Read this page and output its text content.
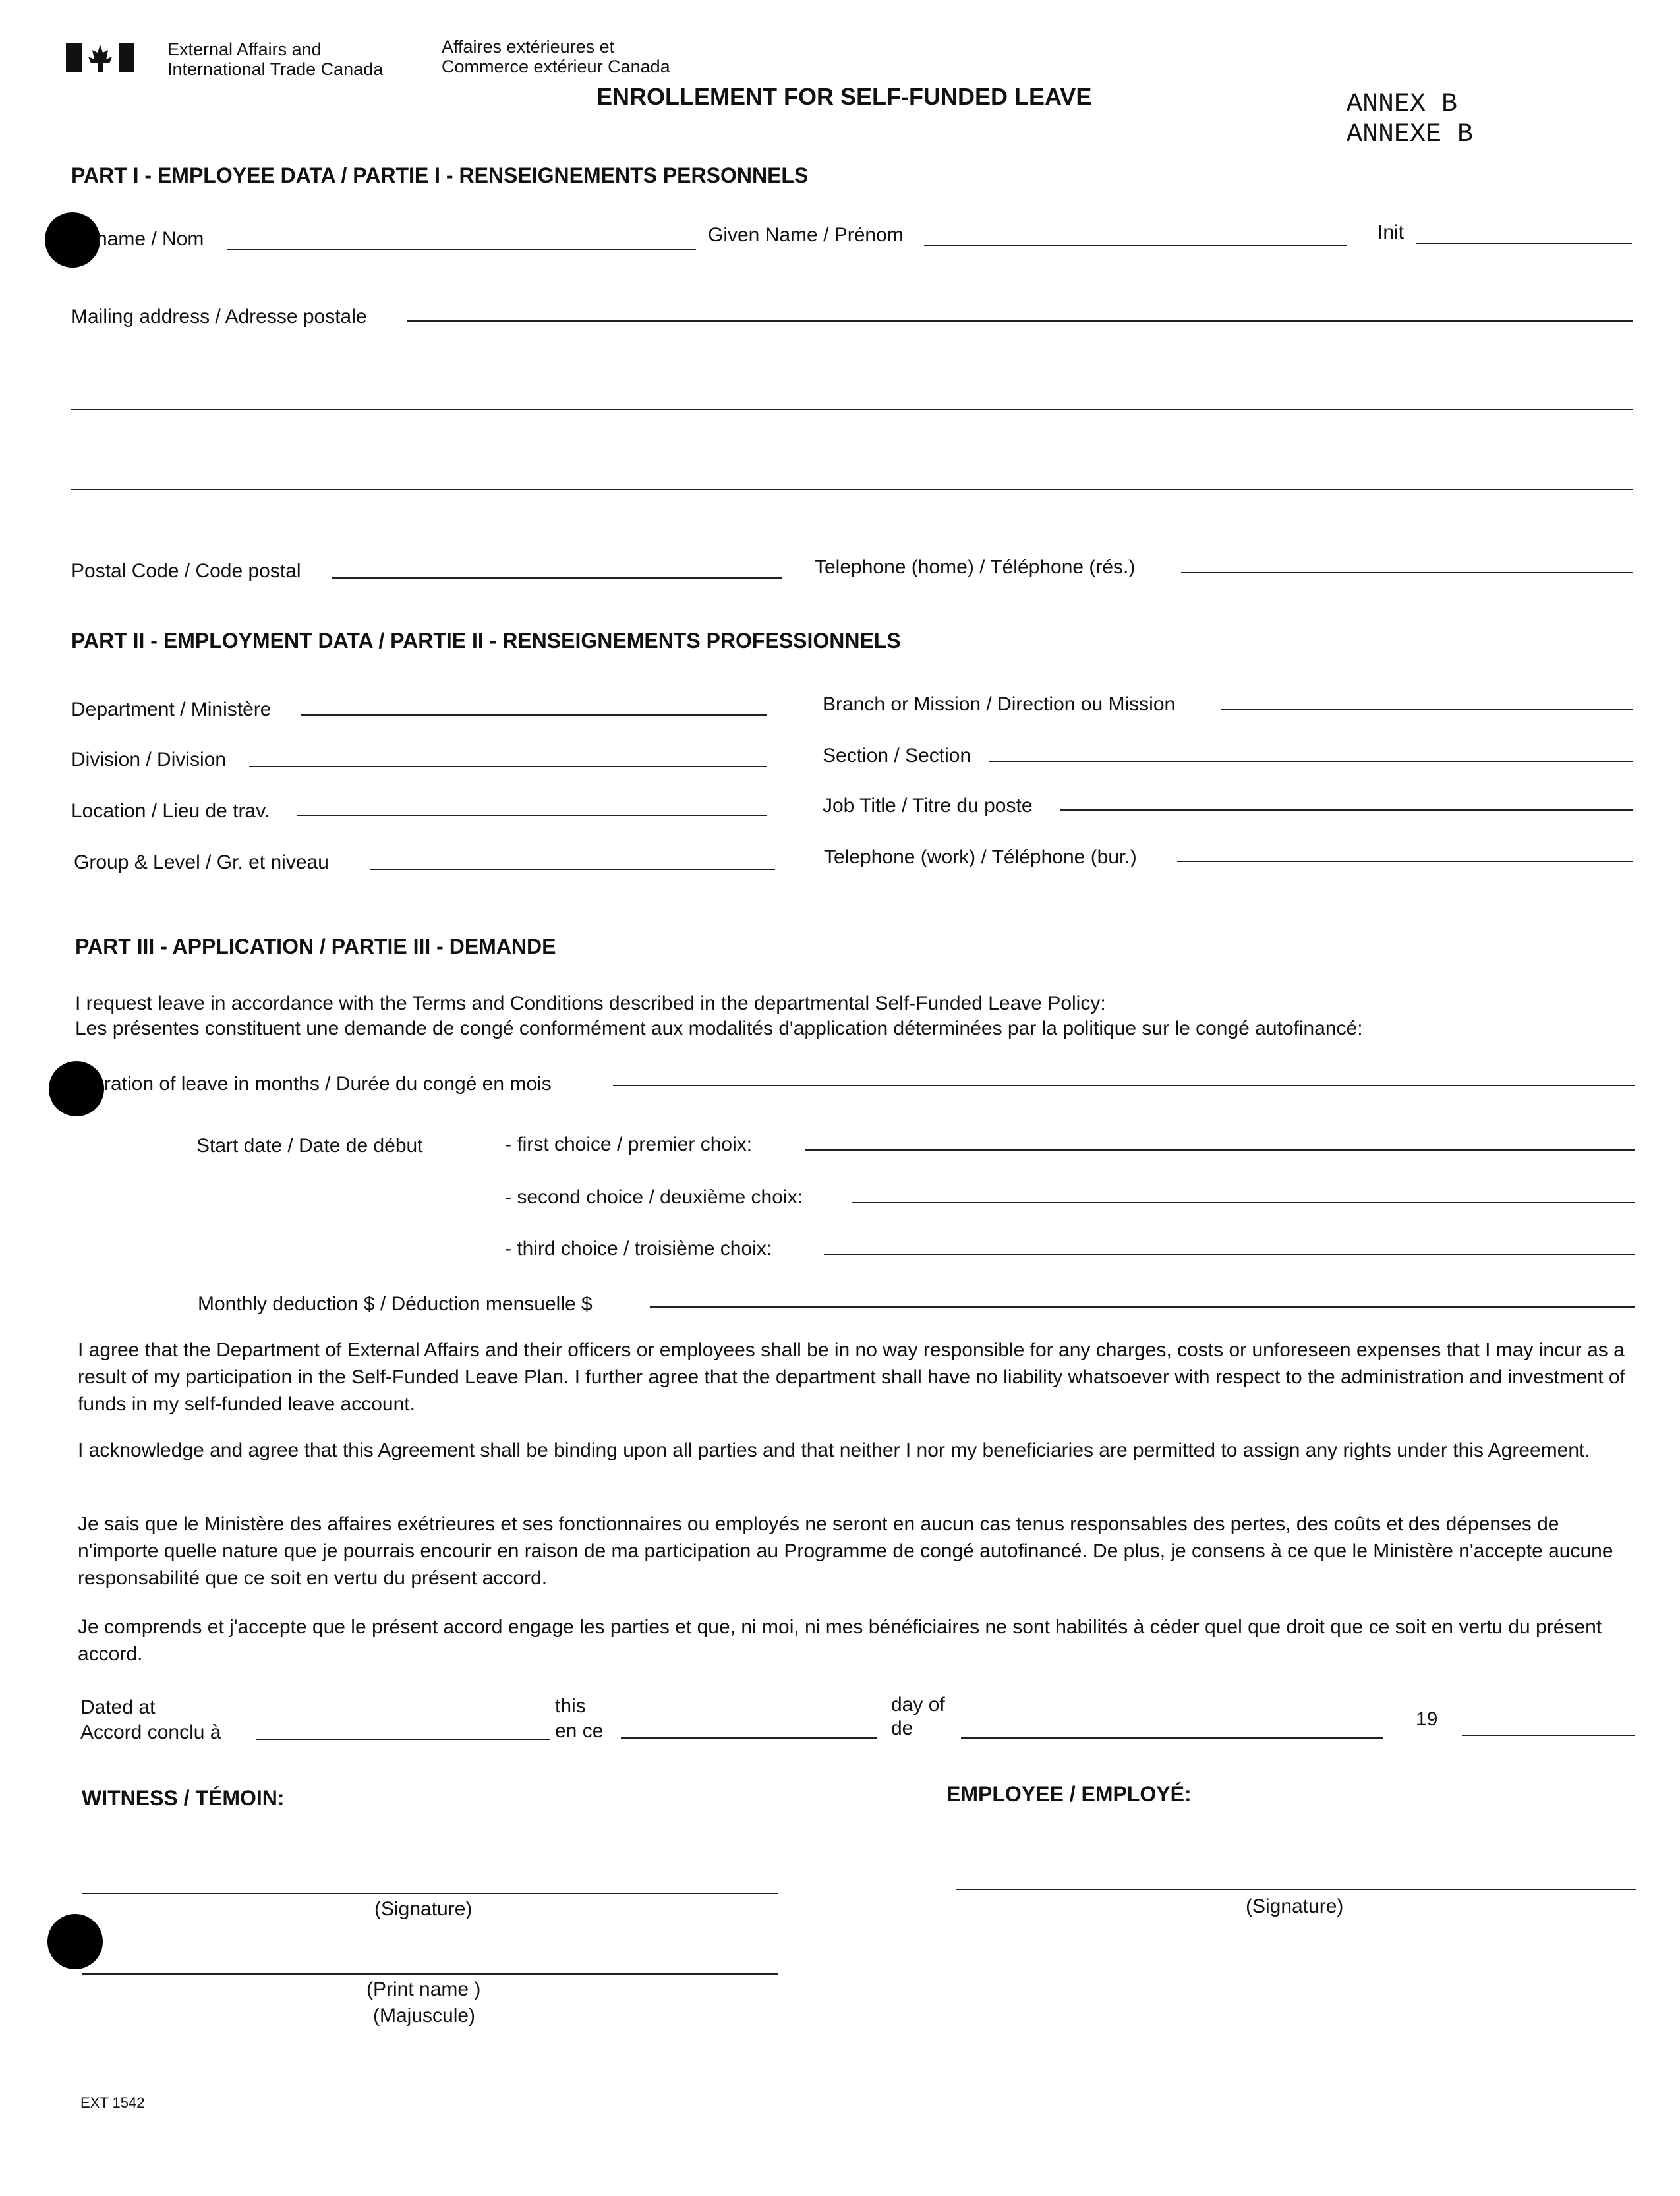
External Affairs and
International Trade Canada
Affaires extérieures et
Commerce extérieur Canada
ENROLLEMENT FOR SELF-FUNDED LEAVE	ANNEX B
ANNEXE B
PART I - EMPLOYEE DATA / PARTIE I - RENSEIGNEMENTS PERSONNELS
name / Nom	Given Name / Prénom	Init
Mailing address / Adresse postale
Postal Code / Code postal	Telephone (home) / Téléphone (rés.)
PART II - EMPLOYMENT DATA / PARTIE II - RENSEIGNEMENTS PROFESSIONNELS
Department / Ministère	Branch or Mission / Direction ou Mission
Division / Division	Section / Section
Location / Lieu de trav.	Job Title / Titre du poste
Group & Level / Gr. et niveau	Telephone (work) / Téléphone (bur.)
PART III - APPLICATION / PARTIE III - DEMANDE
I request leave in accordance with the Terms and Conditions described in the departmental Self-Funded Leave Policy:
Les présentes constituent une demande de congé conformément aux modalités d'application déterminées par la politique sur le congé autofinancé:
ration of leave in months / Durée du congé en mois
Start date / Date de début	- first choice / premier choix:
- second choice / deuxième choix:
- third choice / troisième choix:
Monthly deduction $ / Déduction mensuelle $
I agree that the Department of External Affairs and their officers or employees shall be in no way responsible for any charges, costs or unforeseen expenses that I may incur as a result of my participation in the Self-Funded Leave Plan. I further agree that the department shall have no liability whatsoever with respect to the administration and investment of funds in my self-funded leave account.
I acknowledge and agree that this Agreement shall be binding upon all parties and that neither I nor my beneficiaries are permitted to assign any rights under this Agreement.
Je sais que le Ministère des affaires exétrieures et ses fonctionnaires ou employés ne seront en aucun cas tenus responsables des pertes, des coûts et des dépenses de n'importe quelle nature que je pourrais encourir en raison de ma participation au Programme de congé autofinancé. De plus, je consens à ce que le Ministère n'accepte aucune responsabilité que ce soit en vertu du présent accord.
Je comprends et j'accepte que le présent accord engage les parties et que, ni moi, ni mes bénéficiaires ne sont habilités à céder quel que droit que ce soit en vertu du présent accord.
Dated at
Accord conclu à
this
en ce
day of
de	19
WITNESS / TÉMOIN:	EMPLOYEE / EMPLOYÉ:
(Signature)	(Signature)
(Print name )
(Majuscule)
EXT 1542
